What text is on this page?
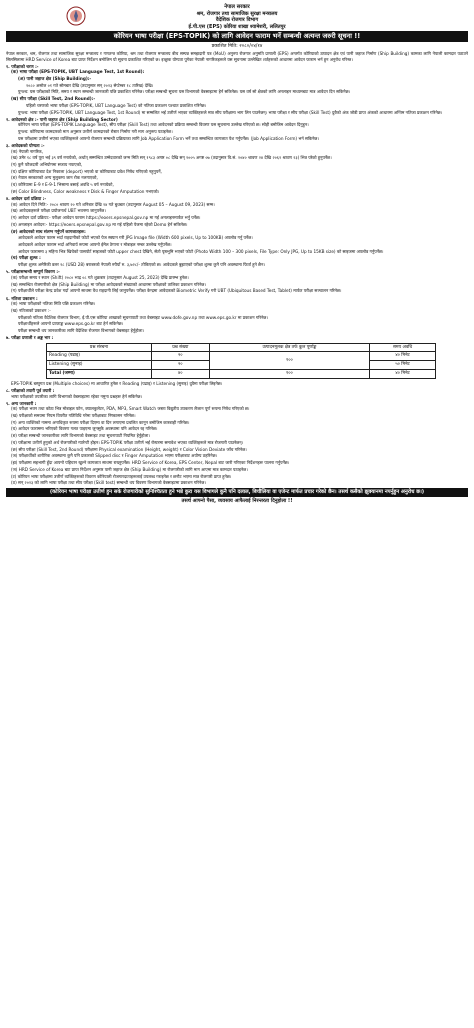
नेपाल सरकार
श्रम, रोजगार तथा सामाजिक सुरक्षा मन्त्रालय
वैदेशिक रोजगार विभाग
ई.पी.एस (EPS) कोरिया शाखा श्यामेशरी, ललितपुर
कोरियन भाषा परीक्षा (EPS-TOPIK) को लागि आवेदन फाराम भर्ने सम्बन्धी अत्यन्त जरुरी सूचना !!
प्रकाशित मिति: २०८०/०४/१४

नेपाल सरकार, श्रम, रोजगार तथा सामाजिक सुरक्षा मन्त्रालय र गणतन्त्र कोरिया, श्रम तथा रोजगार मन्त्रालय बीच सम्पन्न समझदारी पत्र (MoU) अनुरुप रोजगार अनुमति प्रणाली (EPS) अन्तर्गत कोरियाको उत्पादन क्षेत्र एवं पानी जहाज निर्माण (Ship Building) कामका लागि नेपाली कामदार पठाउने सिलसिलामा HRD Service of Korea बाट प्राप्त निर्देशन बमोजिम यो सूचना प्रकाशित गरिएको छ। इच्छुक योग्यता पुगेका नेपाली नागरिकहरूले यस सूचनामा उल्लेखित शर्तहरूको आधारमा आवेदन फाराम भर्न हुन अनुरोध गरिन्छ।

१. परीक्षाको चरण :-

(क) भाषा परीक्षा (EPS-TOPIK, UBT Language Test, 1st Round):

(अ) पानी जहाज क्षेत्र (Ship Building):-

२०८० असोज ०१ गते सोमबार देखि (तदानुसार सन् २०२३ सेप्टेम्बर १८ तारिख) देखि।

पुनश्च: यस परीक्षाको मिति, समय र स्थान सम्बन्धी जानकारी पछि प्रकाशित गरिनेछ। परीक्षा सम्बन्धी सूचना यस विभागको वेबसाइटमा हेर्न सकिनेछ। यस वर्ष सो क्षेत्रको लागि अनलाइन माध्यमबाट मात्र आवेदन दिन सकिनेछ।

(ख) सीप परीक्षा (Skill Test, 2nd Round):-

पहिलो चरणको भाषा परीक्षा (EPS-TOPIK, UBT Language Test) को नतिजा प्रकाशन पश्चात प्रकाशित गरिनेछ।

पुनश्च: भाषा परीक्षा (EPS-TOPIK, UBT Language Test, 1st Round) मा सम्मलित भई उत्तीर्ण भएका व्यक्तिहरूले मात्र सीप परीक्षामा भाग लिन पाउनेछन्। भाषा परीक्षा र सीप परीक्षा (Skill Test) दुवैको अंक जोडी प्राप्त अंकको आधारमा अन्तिम नतिजा प्रकाशन गरिनेछ।

२. आवेदनको क्षेत्र :- पानी जहाज क्षेत्र (Ship Building Sector)

कोरियन भाषा परीक्षा (EPS-TOPIK Language Test), सीप परीक्षा (Skill Test) तथा आवेदनको प्रक्रिया सम्बन्धी विवरण यस सूचनामा उल्लेख गरिएको छ। सोही बमोजिम आवेदन दिनुहुन।

पुनश्च: कोरियामा कामदारको माग अनुसार उत्तीर्ण कामदारको रोस्टर निर्माण गरी माग अनुरूप पठाइनेछ।

यस परीक्षामा उत्तीर्ण भएका व्यक्तिहरूले आफ्नो रोजगार सम्बन्धी प्रक्रियाका लागि Job Application Form भर्ने तथा सम्बन्धित कागजात पेश गर्नुपर्नेछ। (Job Application Form) भर्न सकिनेछ।

३. आवेदकको योग्यता :-

(क) नेपाली नागरिक,

(ख) उमेर १८ वर्ष पूरा भई ३९ वर्ष ननाघेको, अर्थात् सम्मन्धित उम्मेदवारको जन्म मिति सन् १९८३ अगष्ट ०८ देखि सन् २००५ अगष्ट ०७ (तदानुसार वि.सं. २०४० श्रावण २४ देखि २०६२ श्रावण २३) भित्र परेको हुनुपर्नेछ।

(ग) कुनै फौजदारी अभियोगमा सजाय नपाएको,

(घ) दक्षिण कोरियाबाट देश निकाला (deport) भएको वा कोरियाबाट प्रवेश निषेध गरिएको नहुनुपर्ने,

(ङ) नेपाल सरकारको अन्य मुलुकमा जान रोक नलगाएको,

(च) कोरियामा E-9 र E-9-1 भिसामा बसाई अवधि ५ वर्ष ननाघेको,

(छ) Color Blindness, Color weakness र Disk & Finger Amputation नभएको।

४. आवेदन दर्ता प्रक्रिया :-

(क) आवेदन दिने मिति:- २०८० श्रावण २० गते शनिबार देखि २४ गते बुधबार (तदानुसार August 05 – August 09, 2023) सम्म।

(ख) आवेदकहरूले परीक्षा प्रयोजनार्थ UBT भवनमा जानुपर्नेछ।

(ग) आवेदन दर्ता प्रक्रिया:- परीक्षा आवेदन फाराम https://eoers.epsnepal.gov.np मा गई अनलाइनमार्फत भर्नु पर्नेछ।

(घ) अनलाइन आवेदन:- https://eoers.epsnepal.gov.np मा गई पहिलो पेजमा रहेको Demo हेर्न सकिनेछ।

(ङ) आवेदनको साथ संलग्न गर्नुपर्ने कागजातहरू:

आवेदकले आवेदन फारम भर्दा राहदानीको फोटो भएको पेज स्क्यान गरी JPG Image file (Width 600 pixels, Up to 100KB) अपलोड गर्नु पर्नेछ।

आवेदकले आवेदन फाराम भर्दा अनिवार्य रूपमा आफ्नो ईमेल ठेगाना र मोबाइल नम्बर उल्लेख गर्नुपर्नेछ।

आवेदन फाराममा ३ महिना भित्र खिचेको पासपोर्ट साइजको फोटो upper chest देखिने, सेतो पृष्ठभूमि भएको फोटो (Photo Width 100 – 300 pixels, File Type: Only JPG, Up to 15KB size) को साइजमा अपलोड गर्नुपर्नेछ।

(च) परीक्षा शुल्क :

परीक्षा शुल्क अमेरिकी डलर २८ (USD 28) बराबरको नेपाली रुपैयाँ रु. ३,७२८/- तोकिएको छ। आवेदकले बुझाएको परीक्षा शुल्क कुनै पनि अवस्थामा फिर्ता हुने छैन।

५. परीक्षासम्बन्धी सम्पूर्ण विवरण :-

(क) परीक्षा समय र स्थान (Shift) २०८० भाद्र ०८ गते शुक्रबार (तदानुसार August 25, 2023) देखि प्रारम्भ हुनेछ।

(ख) सम्बन्धित रोजगारीको क्षेत्र (Ship Building) मा परीक्षा आवेदकको संख्याको आधारमा परीक्षाको तालिका प्रकाशन गरिनेछ।

(ग) परीक्षार्थीले परीक्षा केन्द्र प्रवेश गर्दा आफ्नो साथमा वैध राहदानी लिई जानुपर्नेछ। परीक्षा केन्द्रमा आवेदकको Biometric Verify गरी UBT (Ubiquitous Based Test, Tablet) मार्फत परीक्षा सञ्चालन गरिनेछ।

६. नतिजा प्रकाशन :

(क) भाषा परीक्षाको नतिजा मिति पछि प्रकाशन गरिनेछ।

(ख) नतिजाको प्रकाशन :-

परीक्षाको नतिजा वैदेशिक रोजगार विभाग, ई.पी.एस कोरिया शाखाको सूचनापाटी तथा वेबसाइट www.dofe.gov.np तथा www.eps.go.kr मा प्रकाशन गरिनेछ।

परीक्षार्थीहरूले आफ्नो प्राप्ताङ्क www.eps.go.kr बाट हेर्न सकिनेछ।

परीक्षा सम्बन्धी थप जानकारीका लागि वैदेशिक रोजगार विभागको वेबसाइट हेर्नुहोला।

७. परीक्षा प्रणाली र अङ्क भार :
प्रश्न संरचना	प्रश्न संख्या	उत्पादनमूलक क्षेत्र तर्फ कुल पूर्णाङ्क	समय अवधि
Reading (पढाइ)	२०	१००	४० मिनेट
Listening (सुनाइ)	२०		५० मिनेट
Total (जम्मा)	४०	१००	४० मिनेट

EPS-TOPIK बस्तुगत प्रश्न (Multiple choices) मा आधारित हुनेछ र Reading (पढाइ) र Listening (सुनाइ) दुवैमा परीक्षा लिइनेछ।

८. परीक्षाको तयारी पूर्व तयारी :

भाषा परीक्षाको तयारीका लागि विभागको वेबसाइटमा रहेका नमुना प्रश्नहरू हेर्न सकिनेछ।

९. अन्य जानकारी :

(क) परीक्षा भवन तथा कोठा भित्र मोबाइल फोन, क्यालकुलेटर, PDA, MP3, Smart Watch जस्ता विद्युतीय उपकरण लैजान पूर्ण रूपमा निषेध गरिएको छ।

(ख) परीक्षाको समयमा नियम विपरीत गतिविधि गरेमा परीक्षाबाट निष्कासन गरिनेछ।

(ग) अन्य व्यक्तिको नाममा अनाधिकृत रूपमा परीक्षा दिएमा वा दिन लगाएमा प्रचलित कानून बमोजिम कारबाही गरिनेछ।

(घ) आवेदन फाराममा भरिएको विवरण गलत पाइएमा जुनसुकै अवस्थामा पनि आवेदन रद्द गरिनेछ।

(ङ) परीक्षा सम्बन्धी जानकारीका लागि विभागको वेबसाइट तथा सूचनापाटी नियमित हेर्नुहोला।

(च) परीक्षामा उत्तीर्ण हुनुको अर्थ रोजगारीको ग्यारेन्टी होइन। EPS-TOPIK परीक्षा उत्तीर्ण भई रोस्टरमा समावेश भएका व्यक्तिहरूले मात्र रोजगारी पाउनेछन्।

(छ) सीप परीक्षा (Skill Test, 2nd Round) परीक्षामा Physical examination (Height, weight) र Color Vision Deviate जाँच गरिनेछ।

(ज) परीक्षार्थीको शारीरिक अवस्थामा कुनै पनि प्रकारको Slipped disc र Finger Amputation भएमा परीक्षाबाट अयोग्य ठहरिनेछ।

(झ) परीक्षामा सहभागी हुँदा आफ्नो पहिचान खुल्ने कागजात साथमा राख्नुपर्नेछ। HRD Service of Korea, EPS Center, Nepal बाट जारी गरिएका निर्देशनहरू पालना गर्नुपर्नेछ।

(ञ) HRD Service of Korea बाट प्राप्त निर्देशन अनुसार पानी जहाज क्षेत्र (Ship Building) मा रोजगारीको लागि माग आएमा मात्र कामदार पठाइनेछ।

(ट) कोरियन भाषा परीक्षामा उत्तीर्ण व्यक्तिहरूको विवरण कोरियाली रोजगारदाताहरूलाई उपलब्ध गराइनेछ र छनौट भएमा मात्र रोजगारी प्राप्त हुनेछ।

(ठ) सन् २०२३ को लागि भाषा परीक्षा तथा सीप परीक्षा (Skill test) सम्बन्धी थप विवरण विभागको वेबसाइटमा प्रकाशन गरिनेछ।

(कोरियन भाषा परीक्षा उत्तीर्ण हुन सके रोजगारीको सुनिश्चितता हुने भन्ने कुरा यस विभागले कुनै पनि दलाल, बिचौलिया वा एजेन्ट मार्फत प्रचार गरेको छैन। तसर्थ कसैको झुक्यानमा नपर्नुहुन अनुरोध छ।)
तसर्थ आफ्नो पैसा, व्यवसाय आफैलाई निरन्तरता दिनुहोला !!
